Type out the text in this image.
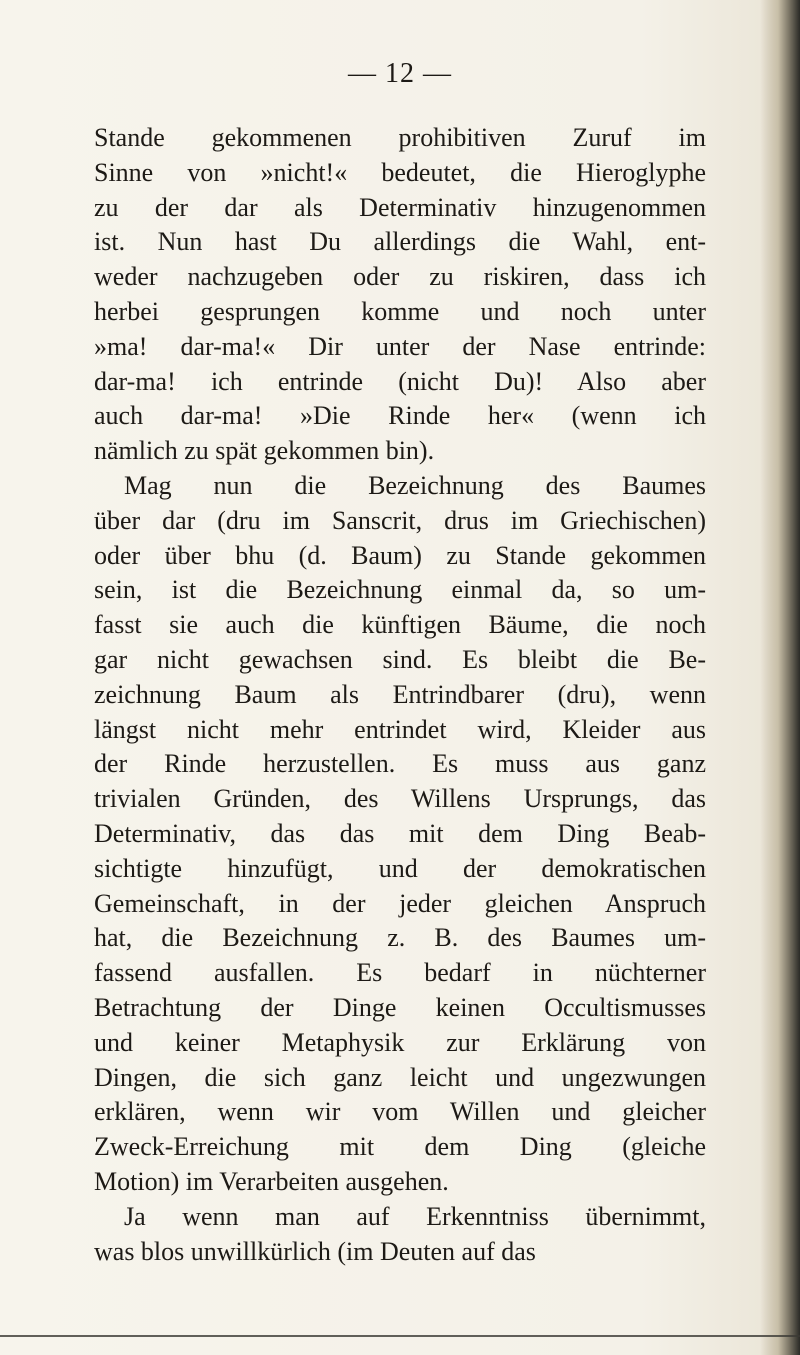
— 12 —
Stande gekommenen prohibitiven Zuruf im
Sinne von »nicht!« bedeutet, die Hieroglyphe
zu der dar als Determinativ hinzugenommen
ist. Nun hast Du allerdings die Wahl, ent-
weder nachzugeben oder zu riskiren, dass ich
herbei gesprungen komme und noch unter
»ma! dar-ma!« Dir unter der Nase entrinde:
dar-ma! ich entrinde (nicht Du)! Also aber
auch dar-ma! »Die Rinde her« (wenn ich
nämlich zu spät gekommen bin).
Mag nun die Bezeichnung des Baumes
über dar (dru im Sanscrit, drus im Griechischen)
oder über bhu (d. Baum) zu Stande gekommen
sein, ist die Bezeichnung einmal da, so um-
fasst sie auch die künftigen Bäume, die noch
gar nicht gewachsen sind. Es bleibt die Be-
zeichnung Baum als Entrindbarer (dru), wenn
längst nicht mehr entrindet wird, Kleider aus
der Rinde herzustellen. Es muss aus ganz
trivialen Gründen, des Willens Ursprungs, das
Determinativ, das das mit dem Ding Beab-
sichtigte hinzufügt, und der demokratischen
Gemeinschaft, in der jeder gleichen Anspruch
hat, die Bezeichnung z. B. des Baumes um-
fassend ausfallen. Es bedarf in nüchterner
Betrachtung der Dinge keinen Occultismusses
und keiner Metaphysik zur Erklärung von
Dingen, die sich ganz leicht und ungezwungen
erklären, wenn wir vom Willen und gleicher
Zweck-Erreichung mit dem Ding (gleiche
Motion) im Verarbeiten ausgehen.
Ja wenn man auf Erkenntniss übernimmt,
was blos unwillkürlich (im Deuten auf das
